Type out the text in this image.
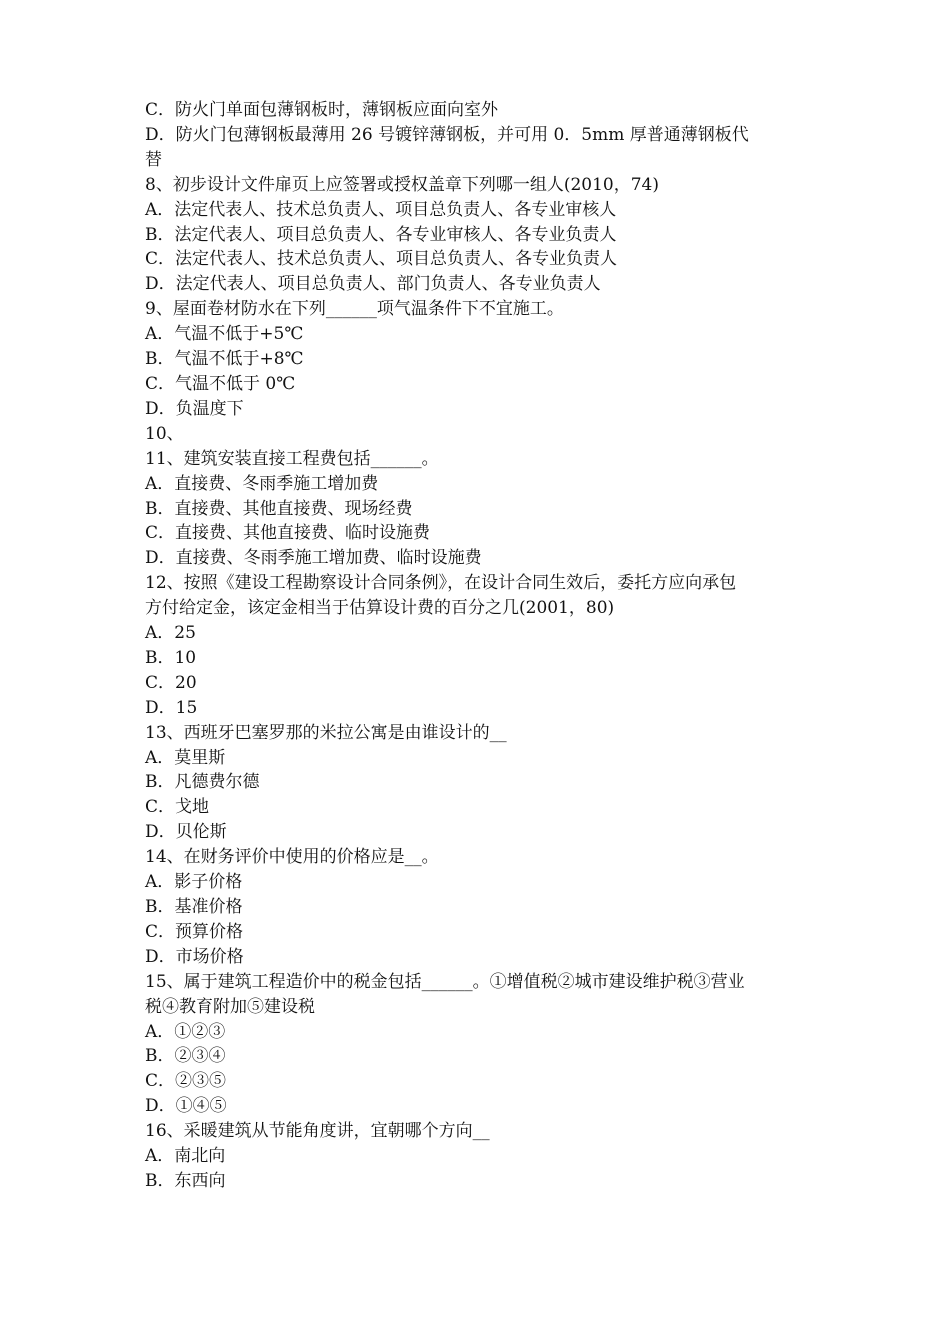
C．防火门单面包薄钢板时，薄钢板应面向室外
D．防火门包薄钢板最薄用 26 号镀锌薄钢板，并可用 0．5mm 厚普通薄钢板代
替
8、初步设计文件扉页上应签署或授权盖章下列哪一组人(2010，74)
A．法定代表人、技术总负责人、项目总负责人、各专业审核人
B．法定代表人、项目总负责人、各专业审核人、各专业负责人
C．法定代表人、技术总负责人、项目总负责人、各专业负责人
D．法定代表人、项目总负责人、部门负责人、各专业负责人
9、屋面卷材防水在下列______项气温条件下不宜施工。
A．气温不低于+5℃
B．气温不低于+8℃
C．气温不低于 0℃
D．负温度下
10、
11、建筑安装直接工程费包括______。
A．直接费、冬雨季施工增加费
B．直接费、其他直接费、现场经费
C．直接费、其他直接费、临时设施费
D．直接费、冬雨季施工增加费、临时设施费
12、按照《建设工程勘察设计合同条例》，在设计合同生效后，委托方应向承包
方付给定金，该定金相当于估算设计费的百分之几(2001，80)
A．25
B．10
C．20
D．15
13、西班牙巴塞罗那的米拉公寓是由谁设计的__
A．莫里斯
B．凡德费尔德
C．戈地
D．贝伦斯
14、在财务评价中使用的价格应是__。
A．影子价格
B．基准价格
C．预算价格
D．市场价格
15、属于建筑工程造价中的税金包括______。①增值税②城市建设维护税③营业
税④教育附加⑤建设税
A．①②③
B．②③④
C．②③⑤
D．①④⑤
16、采暖建筑从节能角度讲，宜朝哪个方向__
A．南北向
B．东西向
